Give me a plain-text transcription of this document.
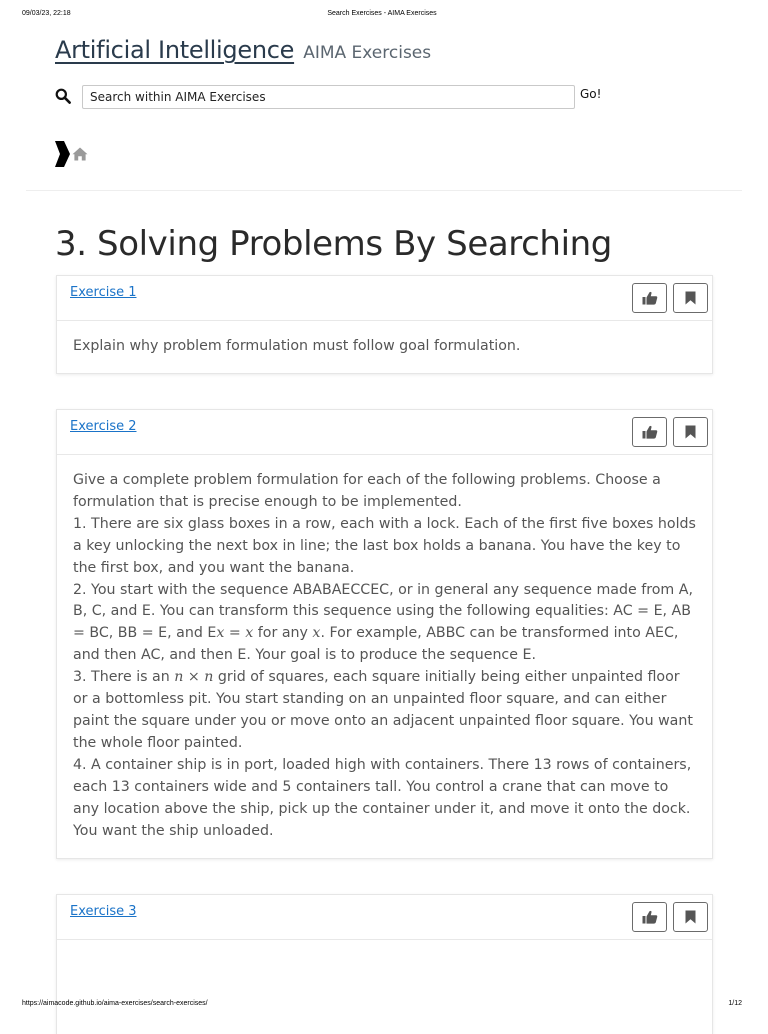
09/03/23, 22:18	Search Exercises - AIMA Exercises
Artificial Intelligence AIMA Exercises
Search within AIMA Exercises
Go!
3. Solving Problems By Searching
Exercise 1

Explain why problem formulation must follow goal formulation.

Exercise 2

Give a complete problem formulation for each of the following problems. Choose a formulation that is precise enough to be implemented.

1. There are six glass boxes in a row, each with a lock. Each of the first five boxes holds a key unlocking the next box in line; the last box holds a banana. You have the key to the first box, and you want the banana.

2. You start with the sequence ABABAECCEC, or in general any sequence made from A, B, C, and E. You can transform this sequence using the following equalities: AC = E, AB = BC, BB = E, and Ex = x for any x. For example, ABBC can be transformed into AEC, and then AC, and then E. Your goal is to produce the sequence E.

3. There is an n × n grid of squares, each square initially being either unpainted floor or a bottomless pit. You start standing on an unpainted floor square, and can either paint the square under you or move onto an adjacent unpainted floor square. You want the whole floor painted.

4. A container ship is in port, loaded high with containers. There 13 rows of containers, each 13 containers wide and 5 containers tall. You control a crane that can move to any location above the ship, pick up the container under it, and move it onto the dock. You want the ship unloaded.

Exercise 3
https://aimacode.github.io/aima-exercises/search-exercises/	1/12
